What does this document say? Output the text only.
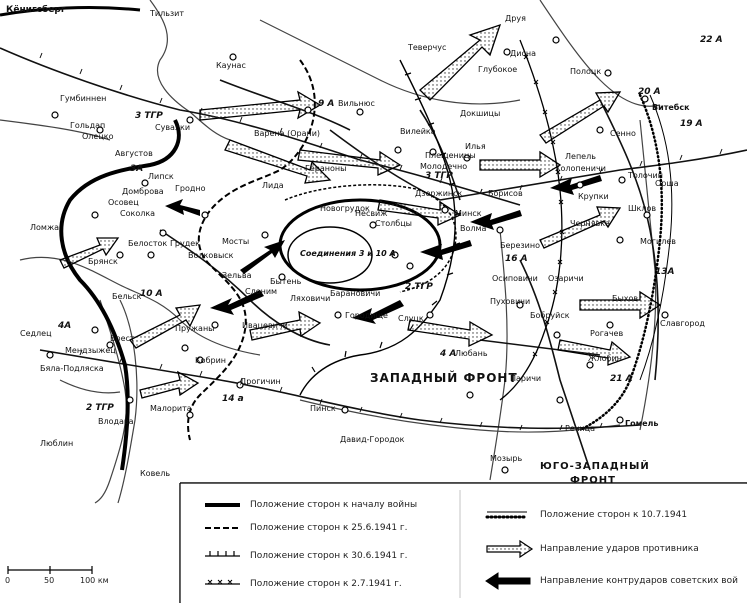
Кёнигсберг	Тильзит
Каунас
Гумбиннен
Гольдап
Олецко
Сувалки
Августов
Липск
Домброва
Осовец
Соколка
Гродно
Ломжа
Белосток Грудек
Брянск
Бельск
Волковыск
Мосты
Зельва
Слоним
Лида
Варена (Орани)
Вильнюс
Гераноны
Вилейка
Молодечно
Плещеницы
Илья
Докшицы
Глубокое
Теверчус
Друя
Дисна
Полоцк
Витебск
Сенно
Лепель
Холопеничи
Борисов	Крупки
Толочин
Орша
Шклов
Могилев
Чернявка
Березино
Волма
Минск
Новогрудок
Столбцы
Несвиж
Дзержинск
Бытень
Ляховичи
Барановичи
Городище
Ивацевичи
Слуцк
Осиповичи
Пуховичи
Бобруйск
Озаричи
Быхов
Рогачев
Жлобин
Славгород
Паричи
Речица
Гомель
Мозырь
Давид-Городок
Пинск
Дрогичин
Пружаны
Кобрин
Брест
Малорита
Влодава
Мендзыжец
Бяла-Подляска
Седлец
Люблин
Ковель
Любань
3 ТГР
3 ТГР
2 ТГР
2 ТГР
3А
9 А
4А
4 А
10 А
13А
16 А
19 А
20 А
21 А
22 А
14 а
Соединения 3 и 10 А
ЗАПАДНЫЙ ФРОНТ
ЮГО-ЗАПАДНЫЙ
ФРОНТ
Положение сторон к началу войны
Положение сторон к 25.6.1941 г.
Положение сторон к 30.6.1941 г.
Положение сторон к 2.7.1941 г.
Положение сторон к 10.7.1941
Направление ударов противника
Направление контрударов советских вой
0	50	100 км
